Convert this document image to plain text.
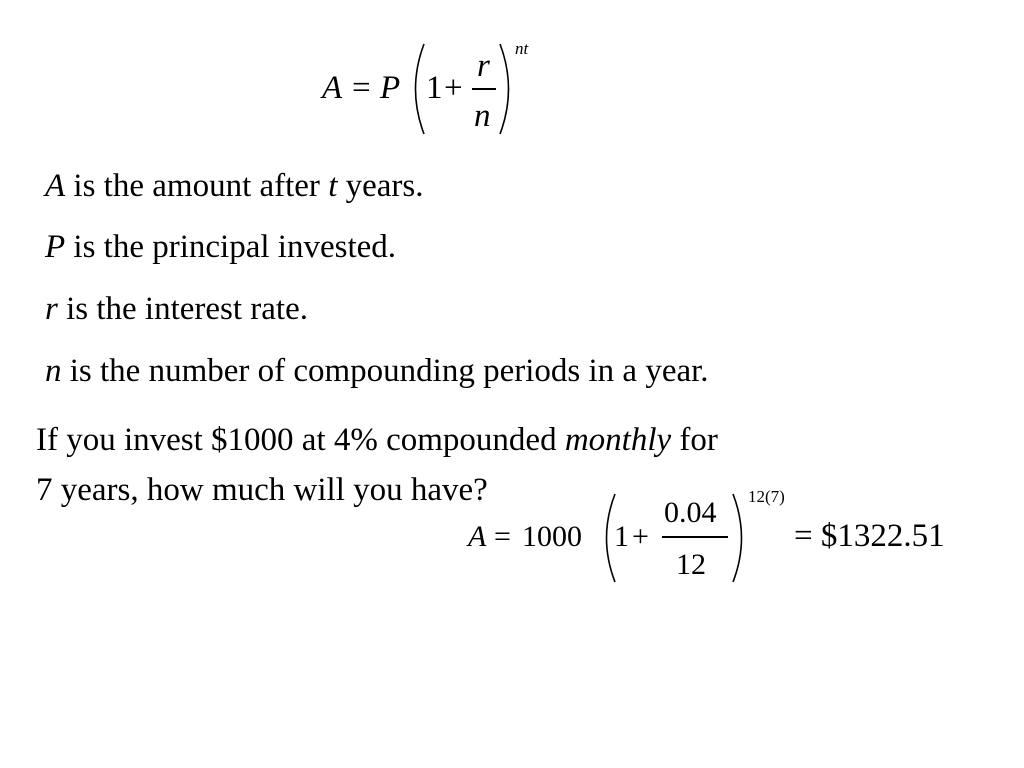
A = P 1 +
r
n
nt
A is the amount after t years.
P is the principal invested.
r is the interest rate.
n is the number of compounding periods in a year.
If you invest $1000 at 4% compounded monthly for
7 years, how much will you have?
A = 1000 1 +
0.04
12
12(7)
= $1322.51
